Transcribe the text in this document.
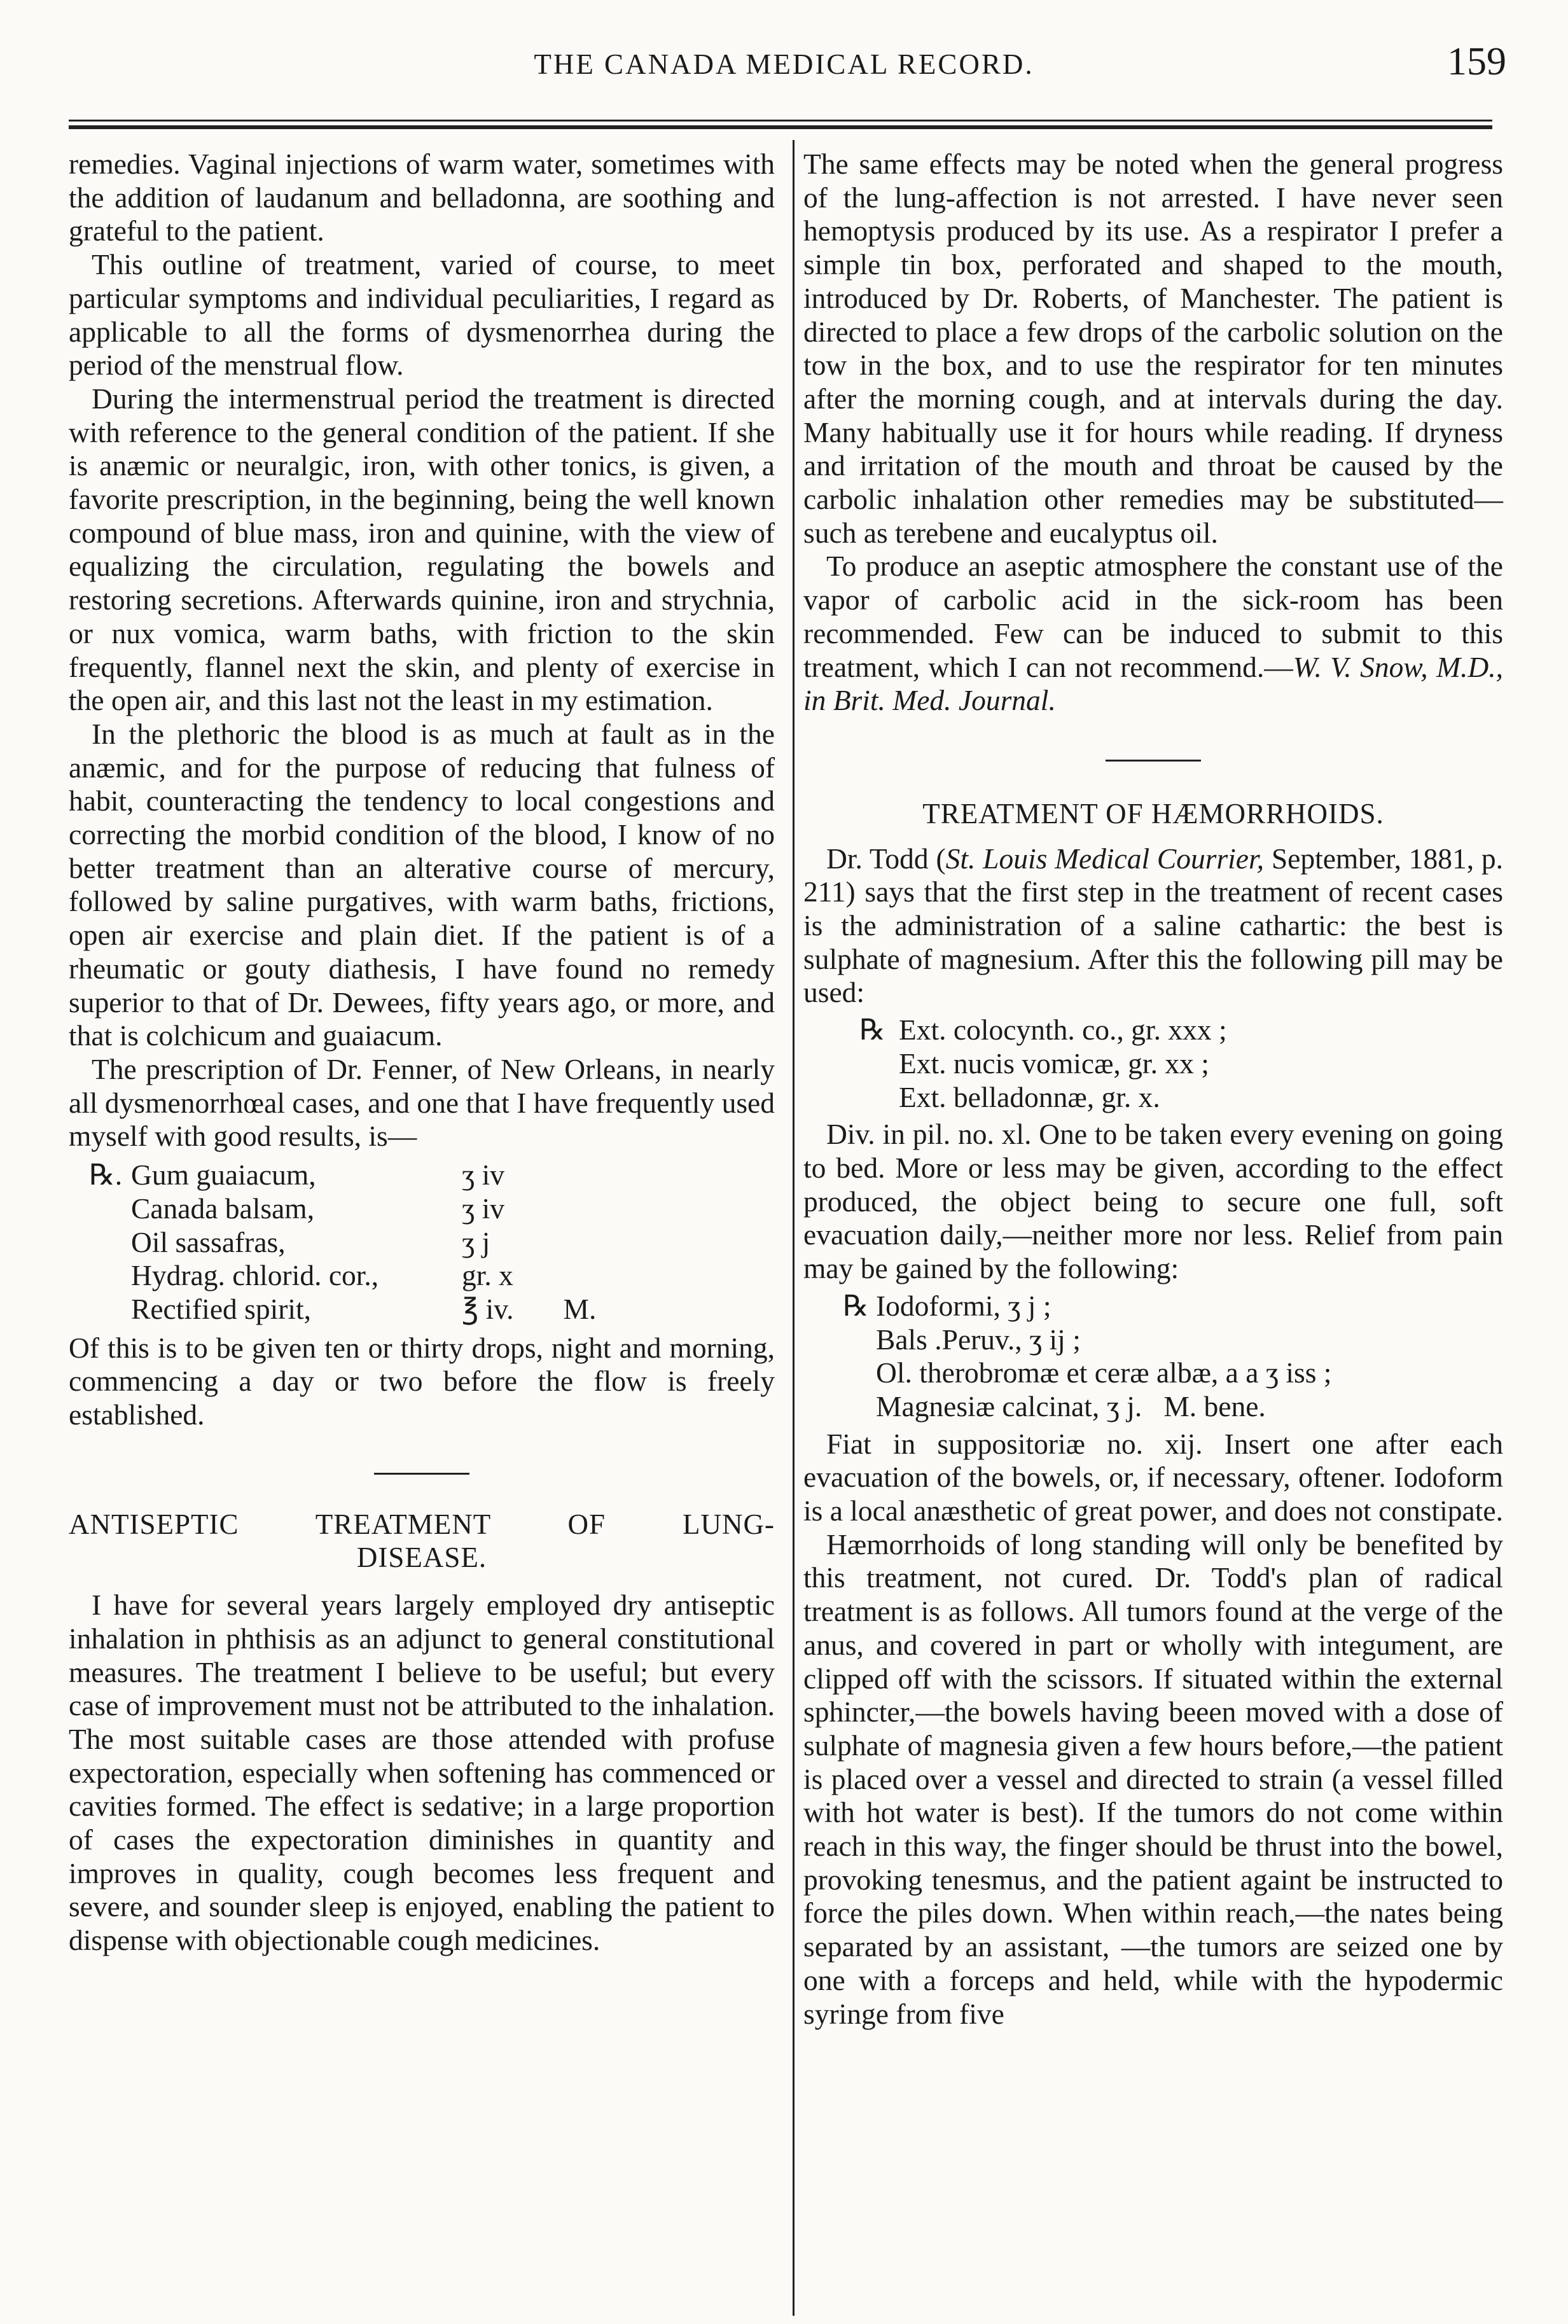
THE CANADA MEDICAL RECORD.	159

remedies. Vaginal injections of warm water, sometimes with the addition of laudanum and belladonna, are soothing and grateful to the patient.

This outline of treatment, varied of course, to meet particular symptoms and individual peculiarities, I regard as applicable to all the forms of dysmenorrhea during the period of the menstrual flow.

During the intermenstrual period the treatment is directed with reference to the general condition of the patient. If she is anæmic or neuralgic, iron, with other tonics, is given, a favorite prescription, in the beginning, being the well known compound of blue mass, iron and quinine, with the view of equalizing the circulation, regulating the bowels and restoring secretions. Afterwards quinine, iron and strychnia, or nux vomica, warm baths, with friction to the skin frequently, flannel next the skin, and plenty of exercise in the open air, and this last not the least in my estimation.

In the plethoric the blood is as much at fault as in the anæmic, and for the purpose of reducing that fulness of habit, counteracting the tendency to local congestions and correcting the morbid condition of the blood, I know of no better treatment than an alterative course of mercury, followed by saline purgatives, with warm baths, frictions, open air exercise and plain diet. If the patient is of a rheumatic or gouty diathesis, I have found no remedy superior to that of Dr. Dewees, fifty years ago, or more, and that is colchicum and guaiacum.

The prescription of Dr. Fenner, of New Orleans, in nearly all dysmenorrhœal cases, and one that I have frequently used myself with good results, is—

℞. Gum guaiacum,	ʒ iv
Canada balsam,	ʒ iv
Oil sassafras,	ʒ j
Hydrag. chlorid. cor.,	gr. x
Rectified spirit,	℥ iv. M.

Of this is to be given ten or thirty drops, night and morning, commencing a day or two before the flow is freely established.

ANTISEPTIC TREATMENT OF LUNG-
DISEASE.

I have for several years largely employed dry antiseptic inhalation in phthisis as an adjunct to general constitutional measures. The treatment I believe to be useful; but every case of improvement must not be attributed to the inhalation. The most suitable cases are those attended with profuse expectoration, especially when softening has commenced or cavities formed. The effect is sedative; in a large proportion of cases the expectoration diminishes in quantity and improves in quality, cough becomes less frequent and severe, and sounder sleep is enjoyed, enabling the patient to dispense with objectionable cough medicines.

The same effects may be noted when the general progress of the lung-affection is not arrested. I have never seen hemoptysis produced by its use. As a respirator I prefer a simple tin box, perforated and shaped to the mouth, introduced by Dr. Roberts, of Manchester. The patient is directed to place a few drops of the carbolic solution on the tow in the box, and to use the respirator for ten minutes after the morning cough, and at intervals during the day. Many habitually use it for hours while reading. If dryness and irritation of the mouth and throat be caused by the carbolic inhalation other remedies may be substituted—such as terebene and eucalyptus oil.

To produce an aseptic atmosphere the constant use of the vapor of carbolic acid in the sick-room has been recommended. Few can be induced to submit to this treatment, which I can not recommend.—W. V. Snow, M.D., in Brit. Med. Journal.

TREATMENT OF HÆMORRHOIDS.

Dr. Todd (St. Louis Medical Courrier, September, 1881, p. 211) says that the first step in the treatment of recent cases is the administration of a saline cathartic: the best is sulphate of magnesium. After this the following pill may be used:

℞ Ext. colocynth. co., gr. xxx ;
Ext. nucis vomicæ, gr. xx ;
Ext. belladonnæ, gr. x.

Div. in pil. no. xl. One to be taken every evening on going to bed. More or less may be given, according to the effect produced, the object being to secure one full, soft evacuation daily,—neither more nor less. Relief from pain may be gained by the following:

℞ Iodoformi, ʒ j ;
Bals .Peruv., ʒ ij ;
Ol. therobromæ et ceræ albæ, a a ʒ iss ;
Magnesiæ calcinat, ʒ j.   M. bene.

Fiat in suppositoriæ no. xij. Insert one after each evacuation of the bowels, or, if necessary, oftener. Iodoform is a local anæsthetic of great power, and does not constipate.

Hæmorrhoids of long standing will only be benefited by this treatment, not cured. Dr. Todd's plan of radical treatment is as follows. All tumors found at the verge of the anus, and covered in part or wholly with integument, are clipped off with the scissors. If situated within the external sphincter,—the bowels having beeen moved with a dose of sulphate of magnesia given a few hours before,—the patient is placed over a vessel and directed to strain (a vessel filled with hot water is best). If the tumors do not come within reach in this way, the finger should be thrust into the bowel, provoking tenesmus, and the patient againt be instructed to force the piles down. When within reach,—the nates being separated by an assistant, —the tumors are seized one by one with a forceps and held, while with the hypodermic syringe from five
